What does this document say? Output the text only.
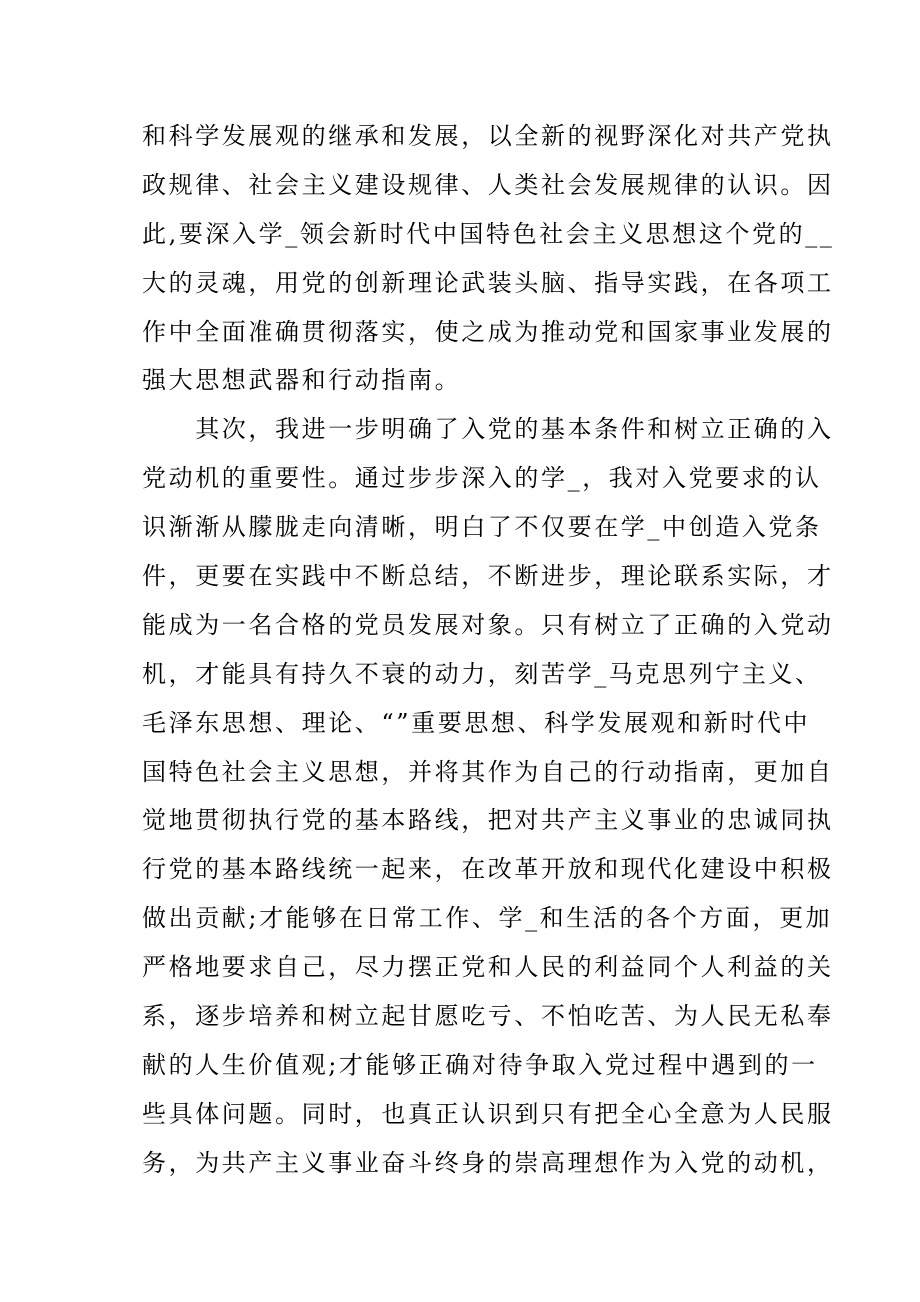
和科学发展观的继承和发展，以全新的视野深化对共产党执
政规律、社会主义建设规律、人类社会发展规律的认识。因
此,要深入学_领会新时代中国特色社会主义思想这个党的__
大的灵魂，用党的创新理论武装头脑、指导实践，在各项工
作中全面准确贯彻落实，使之成为推动党和国家事业发展的
强大思想武器和行动指南。
　　其次，我进一步明确了入党的基本条件和树立正确的入
党动机的重要性。通过步步深入的学_，我对入党要求的认
识渐渐从朦胧走向清晰，明白了不仅要在学_中创造入党条
件，更要在实践中不断总结，不断进步，理论联系实际，才
能成为一名合格的党员发展对象。只有树立了正确的入党动
机，才能具有持久不衰的动力，刻苦学_马克思列宁主义、
毛泽东思想、理论、“”重要思想、科学发展观和新时代中
国特色社会主义思想，并将其作为自己的行动指南，更加自
觉地贯彻执行党的基本路线，把对共产主义事业的忠诚同执
行党的基本路线统一起来，在改革开放和现代化建设中积极
做出贡献;才能够在日常工作、学_和生活的各个方面，更加
严格地要求自己，尽力摆正党和人民的利益同个人利益的关
系，逐步培养和树立起甘愿吃亏、不怕吃苦、为人民无私奉
献的人生价值观;才能够正确对待争取入党过程中遇到的一
些具体问题。同时，也真正认识到只有把全心全意为人民服
务，为共产主义事业奋斗终身的崇高理想作为入党的动机，
